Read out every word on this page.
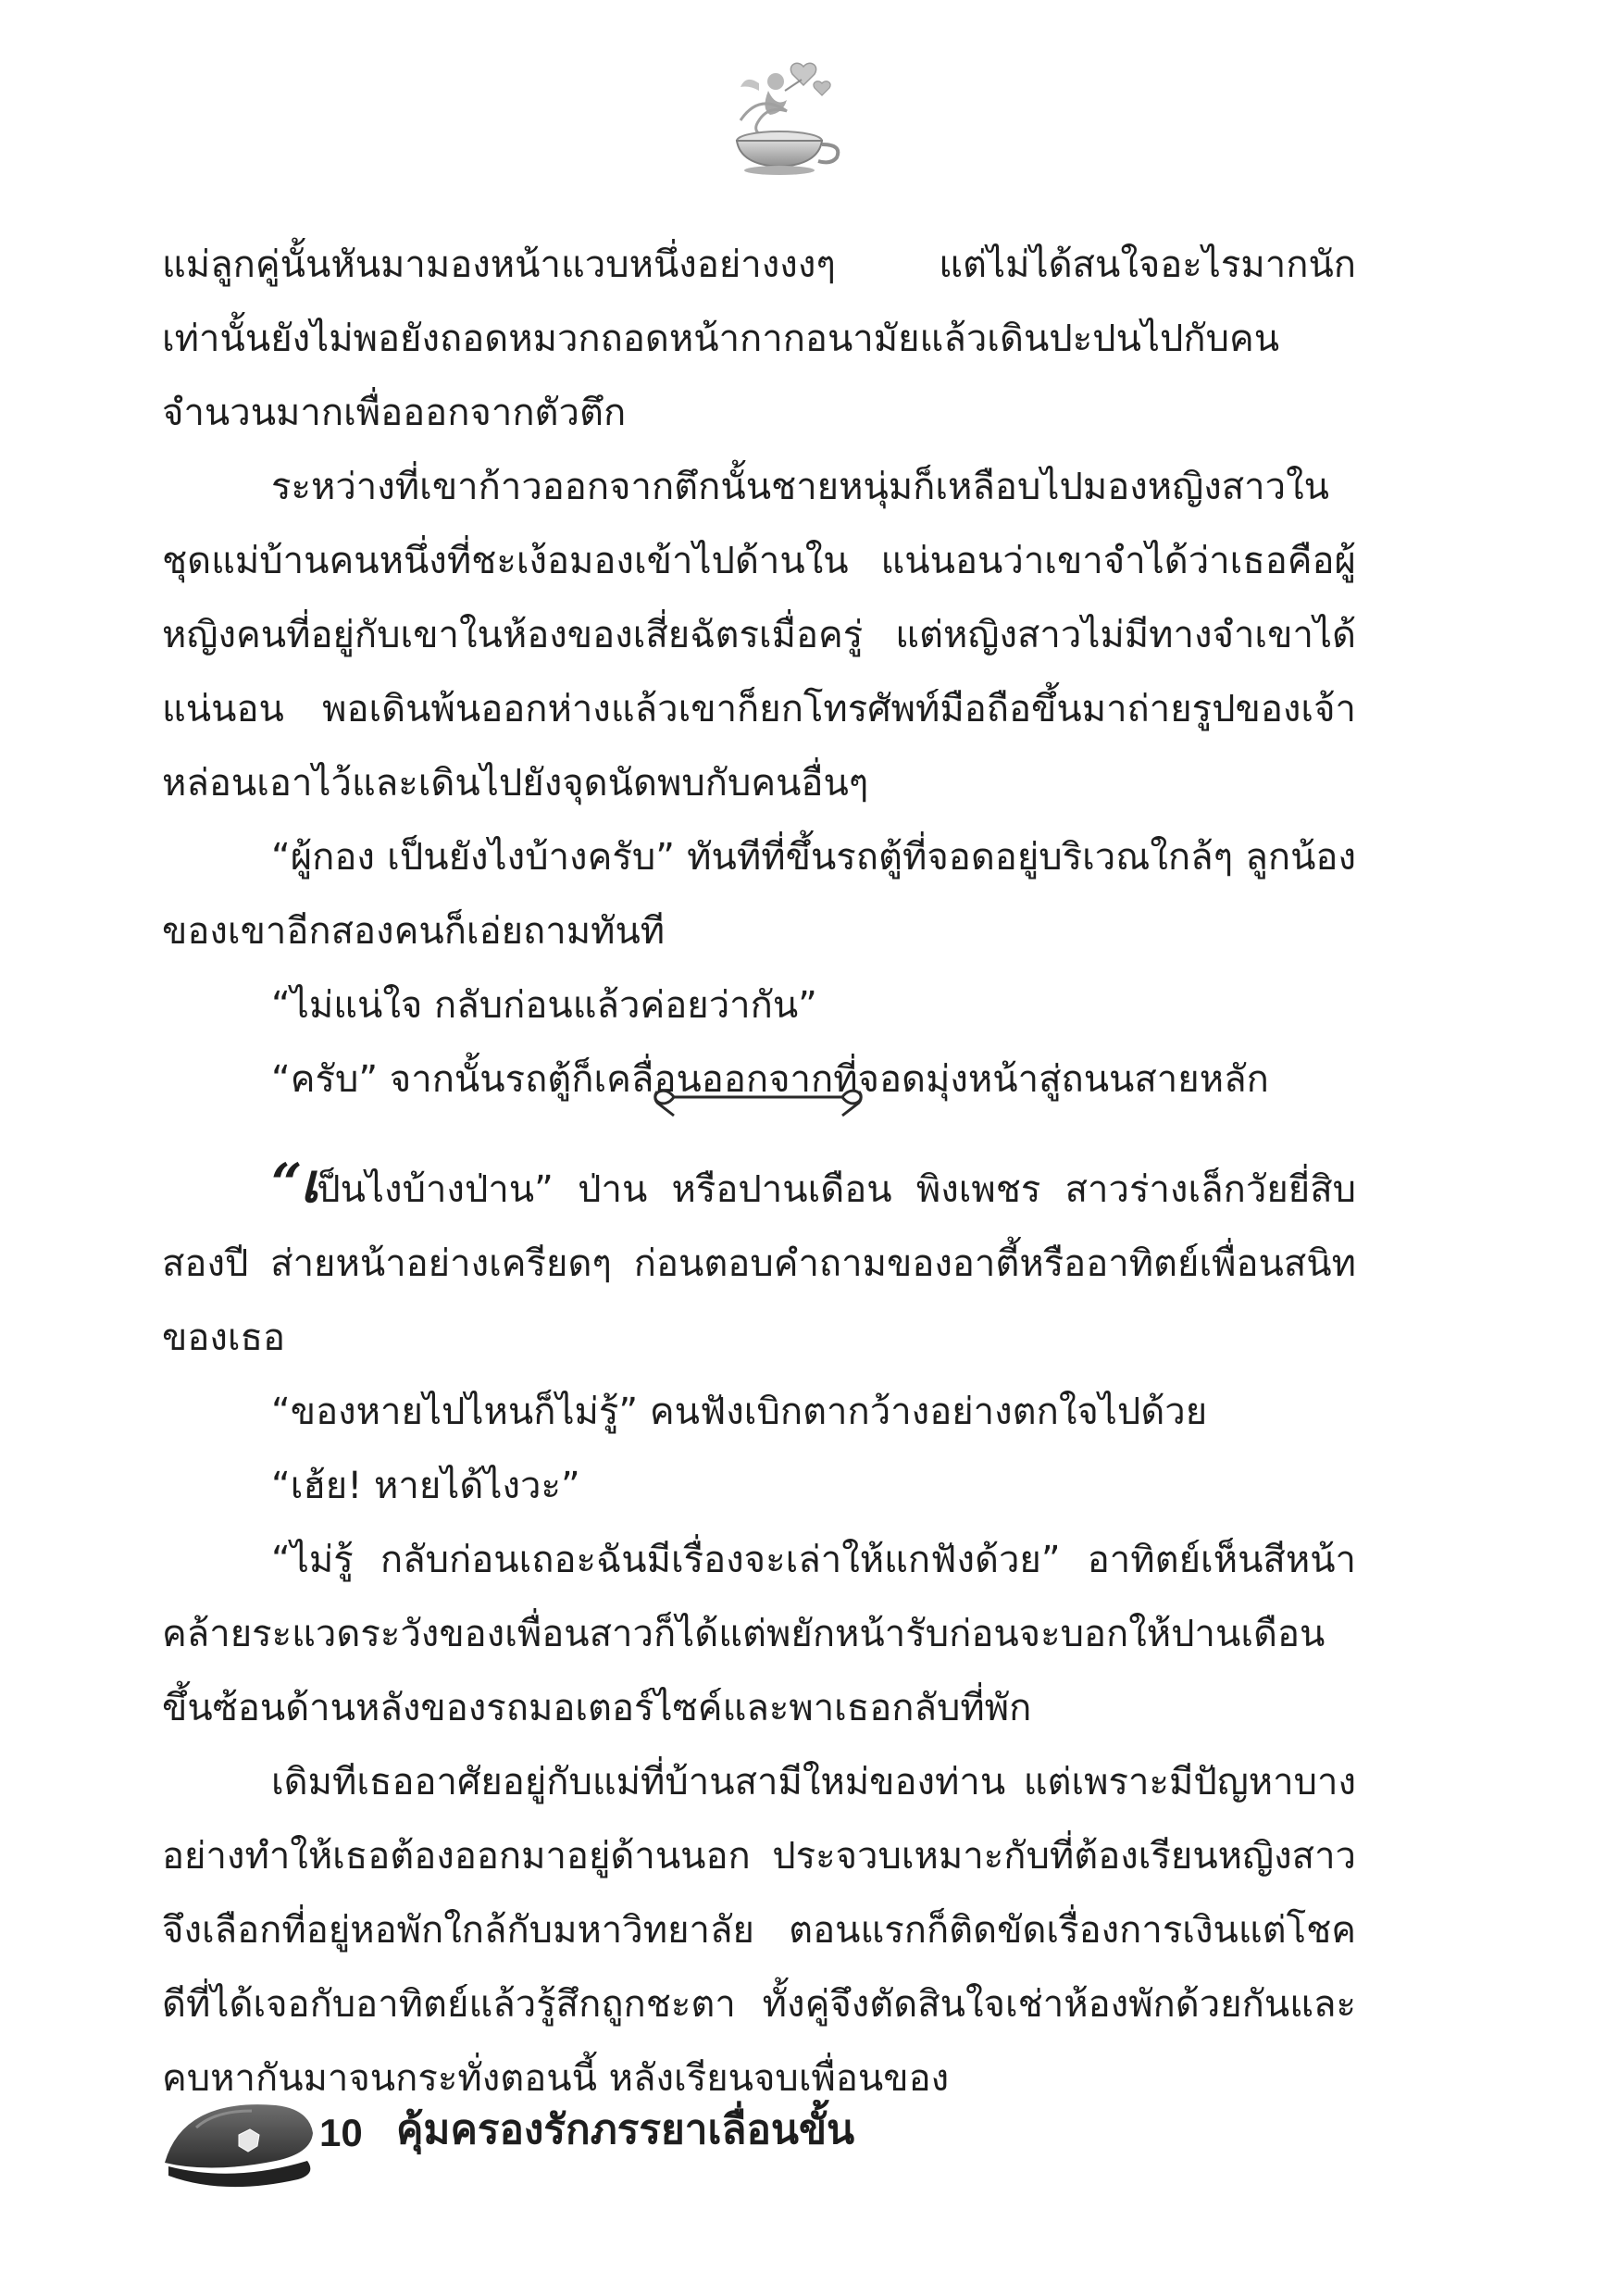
แม่ลูกคู่นั้นหันมามองหน้าแวบหนึ่งอย่างงงๆ แต่ไม่ได้สนใจอะไรมากนัก เท่านั้นยังไม่พอยังถอดหมวกถอดหน้ากากอนามัยแล้วเดินปะปนไปกับคนจำนวนมากเพื่อออกจากตัวตึก

ระหว่างที่เขาก้าวออกจากตึกนั้นชายหนุ่มก็เหลือบไปมองหญิงสาวในชุดแม่บ้านคนหนึ่งที่ชะเง้อมองเข้าไปด้านใน แน่นอนว่าเขาจำได้ว่าเธอคือผู้หญิงคนที่อยู่กับเขาในห้องของเสี่ยฉัตรเมื่อครู่ แต่หญิงสาวไม่มีทางจำเขาได้แน่นอน พอเดินพ้นออกห่างแล้วเขาก็ยกโทรศัพท์มือถือขึ้นมาถ่ายรูปของเจ้าหล่อนเอาไว้และเดินไปยังจุดนัดพบกับคนอื่นๆ

“ผู้กอง เป็นยังไงบ้างครับ” ทันทีที่ขึ้นรถตู้ที่จอดอยู่บริเวณใกล้ๆ ลูกน้องของเขาอีกสองคนก็เอ่ยถามทันที

“ไม่แน่ใจ กลับก่อนแล้วค่อยว่ากัน”

“ครับ” จากนั้นรถตู้ก็เคลื่อนออกจากที่จอดมุ่งหน้าสู่ถนนสายหลัก

“เป็นไงบ้างป่าน” ป่าน หรือปานเดือน พิงเพชร สาวร่างเล็กวัยยี่สิบสองปี ส่ายหน้าอย่างเครียดๆ ก่อนตอบคำถามของอาตี้หรืออาทิตย์เพื่อนสนิทของเธอ

“ของหายไปไหนก็ไม่รู้” คนฟังเบิกตากว้างอย่างตกใจไปด้วย

“เฮ้ย! หายได้ไงวะ”

“ไม่รู้ กลับก่อนเถอะฉันมีเรื่องจะเล่าให้แกฟังด้วย” อาทิตย์เห็นสีหน้าคล้ายระแวดระวังของเพื่อนสาวก็ได้แต่พยักหน้ารับก่อนจะบอกให้ปานเดือนขึ้นซ้อนด้านหลังของรถมอเตอร์ไซค์และพาเธอกลับที่พัก

เดิมทีเธออาศัยอยู่กับแม่ที่บ้านสามีใหม่ของท่าน แต่เพราะมีปัญหาบางอย่างทำให้เธอต้องออกมาอยู่ด้านนอก ประจวบเหมาะกับที่ต้องเรียนหญิงสาวจึงเลือกที่อยู่หอพักใกล้กับมหาวิทยาลัย ตอนแรกก็ติดขัดเรื่องการเงินแต่โชคดีที่ได้เจอกับอาทิตย์แล้วรู้สึกถูกชะตา ทั้งคู่จึงตัดสินใจเช่าห้องพักด้วยกันและคบหากันมาจนกระทั่งตอนนี้ หลังเรียนจบเพื่อนของ

10 คุ้มครองรักภรรยาเลื่อนขั้น
